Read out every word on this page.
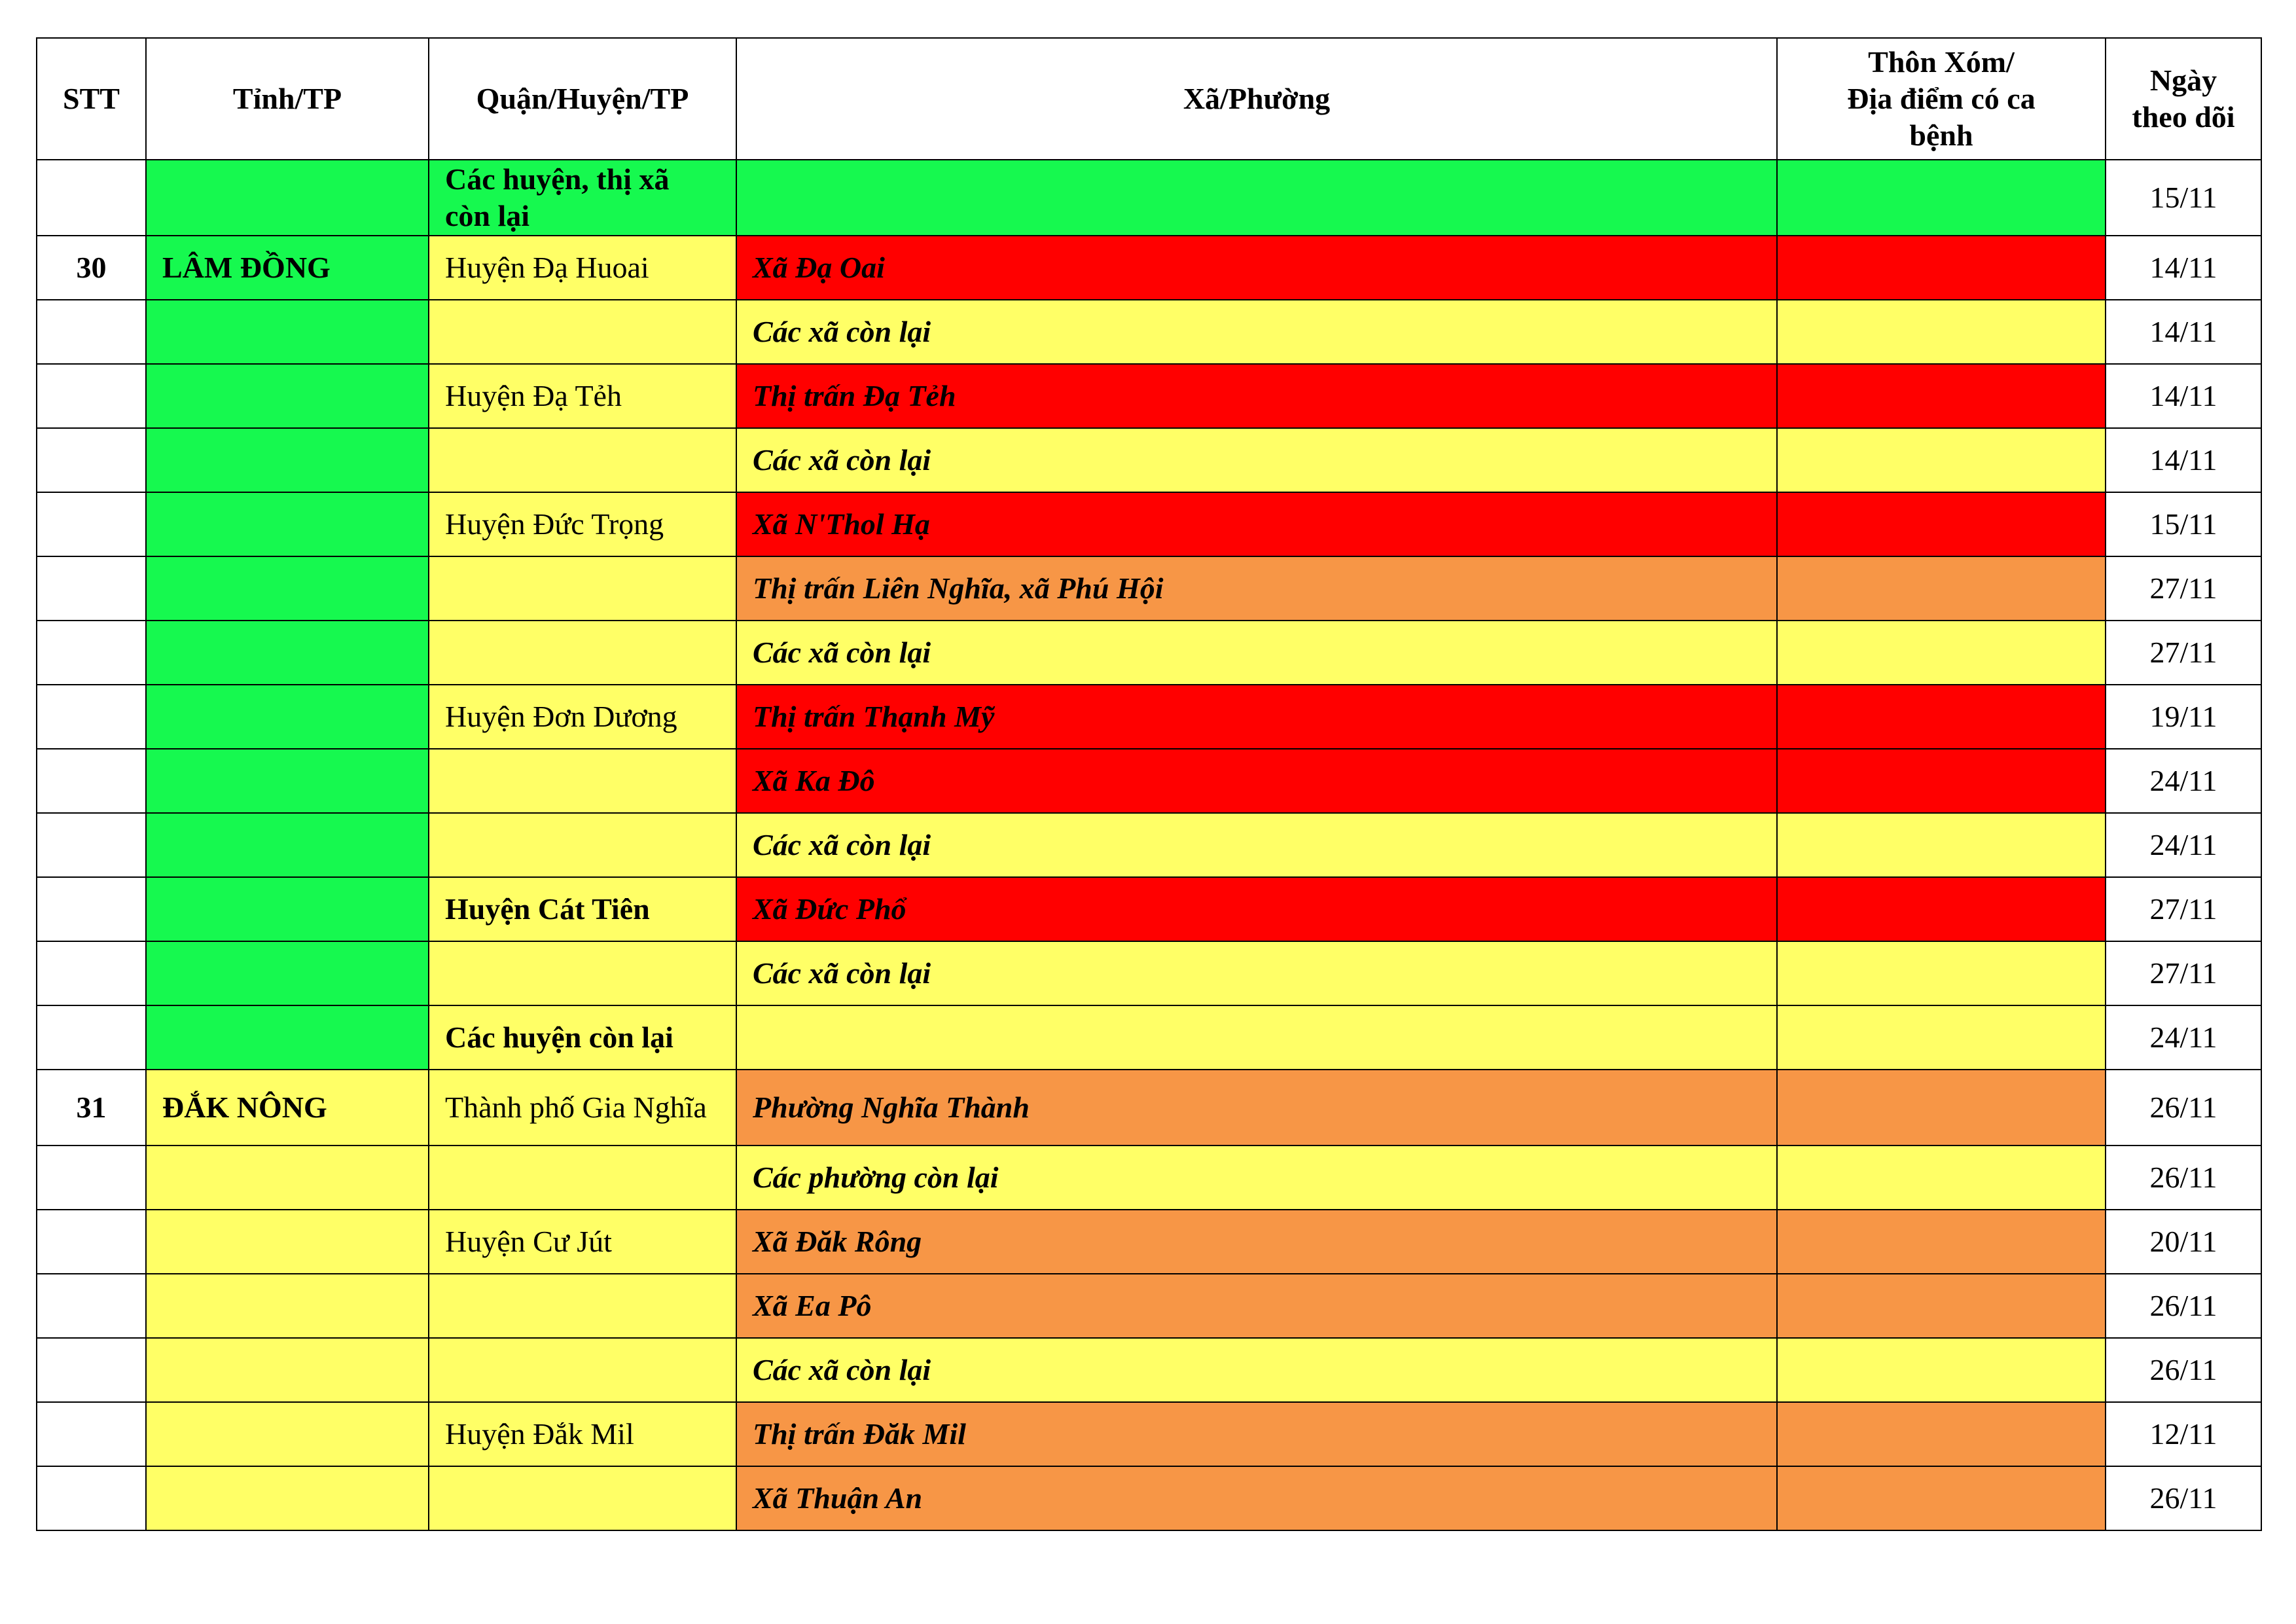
STT	Tỉnh/TP	Quận/Huyện/TP	Xã/Phường	Thôn Xóm/
Địa điểm có ca
bệnh	Ngày
theo dõi
		Các huyện, thị xã còn lại			15/11
30	LÂM ĐỒNG	Huyện Đạ Huoai	Xã Đạ Oai		14/11
			Các xã còn lại		14/11
		Huyện Đạ Tẻh	Thị trấn Đạ Tẻh		14/11
			Các xã còn lại		14/11
		Huyện Đức Trọng	Xã N'Thol Hạ		15/11
			Thị trấn Liên Nghĩa, xã Phú Hội		27/11
			Các xã còn lại		27/11
		Huyện Đơn Dương	Thị trấn Thạnh Mỹ		19/11
			Xã Ka Đô		24/11
			Các xã còn lại		24/11
		Huyện Cát Tiên	Xã Đức Phổ		27/11
			Các xã còn lại		27/11
		Các huyện còn lại			24/11
31	ĐẮK NÔNG	Thành phố Gia Nghĩa	Phường Nghĩa Thành		26/11
			Các phường còn lại		26/11
		Huyện Cư Jút	Xã Đăk Rông		20/11
			Xã Ea Pô		26/11
			Các xã còn lại		26/11
		Huyện Đắk Mil	Thị trấn Đăk Mil		12/11
			Xã Thuận An		26/11
